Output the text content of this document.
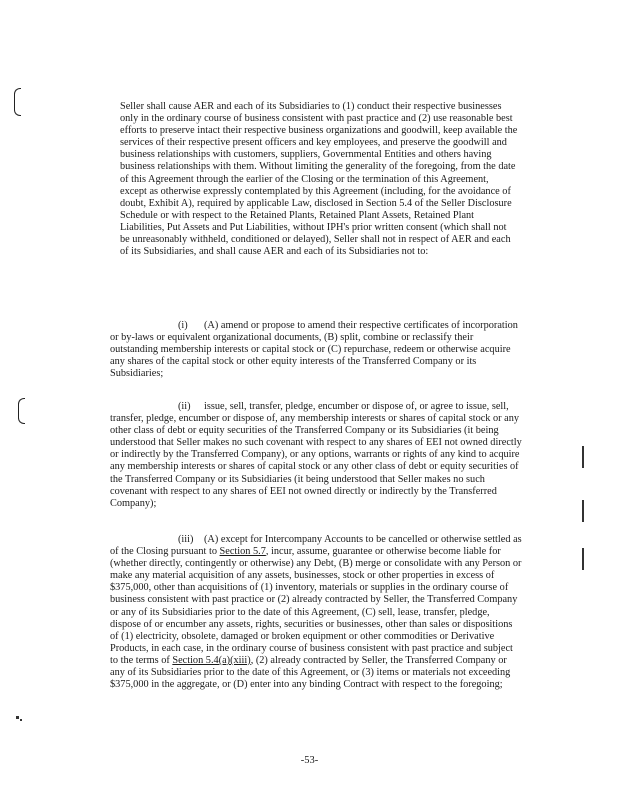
Seller shall cause AER and each of its Subsidiaries to (1) conduct their respective businesses only in the ordinary course of business consistent with past practice and (2) use reasonable best efforts to preserve intact their respective business organizations and goodwill, keep available the services of their respective present officers and key employees, and preserve the goodwill and business relationships with customers, suppliers, Governmental Entities and others having business relationships with them. Without limiting the generality of the foregoing, from the date of this Agreement through the earlier of the Closing or the termination of this Agreement, except as otherwise expressly contemplated by this Agreement (including, for the avoidance of doubt, Exhibit A), required by applicable Law, disclosed in Section 5.4 of the Seller Disclosure Schedule or with respect to the Retained Plants, Retained Plant Assets, Retained Plant Liabilities, Put Assets and Put Liabilities, without IPH's prior written consent (which shall not be unreasonably withheld, conditioned or delayed), Seller shall not in respect of AER and each of its Subsidiaries, and shall cause AER and each of its Subsidiaries not to:
(i) (A) amend or propose to amend their respective certificates of incorporation or by-laws or equivalent organizational documents, (B) split, combine or reclassify their outstanding membership interests or capital stock or (C) repurchase, redeem or otherwise acquire any shares of the capital stock or other equity interests of the Transferred Company or its Subsidiaries;
(ii) issue, sell, transfer, pledge, encumber or dispose of, or agree to issue, sell, transfer, pledge, encumber or dispose of, any membership interests or shares of capital stock or any other class of debt or equity securities of the Transferred Company or its Subsidiaries (it being understood that Seller makes no such covenant with respect to any shares of EEI not owned directly or indirectly by the Transferred Company), or any options, warrants or rights of any kind to acquire any membership interests or shares of capital stock or any other class of debt or equity securities of the Transferred Company or its Subsidiaries (it being understood that Seller makes no such covenant with respect to any shares of EEI not owned directly or indirectly by the Transferred Company);
(iii) (A) except for Intercompany Accounts to be cancelled or otherwise settled as of the Closing pursuant to Section 5.7, incur, assume, guarantee or otherwise become liable for (whether directly, contingently or otherwise) any Debt, (B) merge or consolidate with any Person or make any material acquisition of any assets, businesses, stock or other properties in excess of $375,000, other than acquisitions of (1) inventory, materials or supplies in the ordinary course of business consistent with past practice or (2) already contracted by Seller, the Transferred Company or any of its Subsidiaries prior to the date of this Agreement, (C) sell, lease, transfer, pledge, dispose of or encumber any assets, rights, securities or businesses, other than sales or dispositions of (1) electricity, obsolete, damaged or broken equipment or other commodities or Derivative Products, in each case, in the ordinary course of business consistent with past practice and subject to the terms of Section 5.4(a)(xiii), (2) already contracted by Seller, the Transferred Company or any of its Subsidiaries prior to the date of this Agreement, or (3) items or materials not exceeding $375,000 in the aggregate, or (D) enter into any binding Contract with respect to the foregoing;
-53-
